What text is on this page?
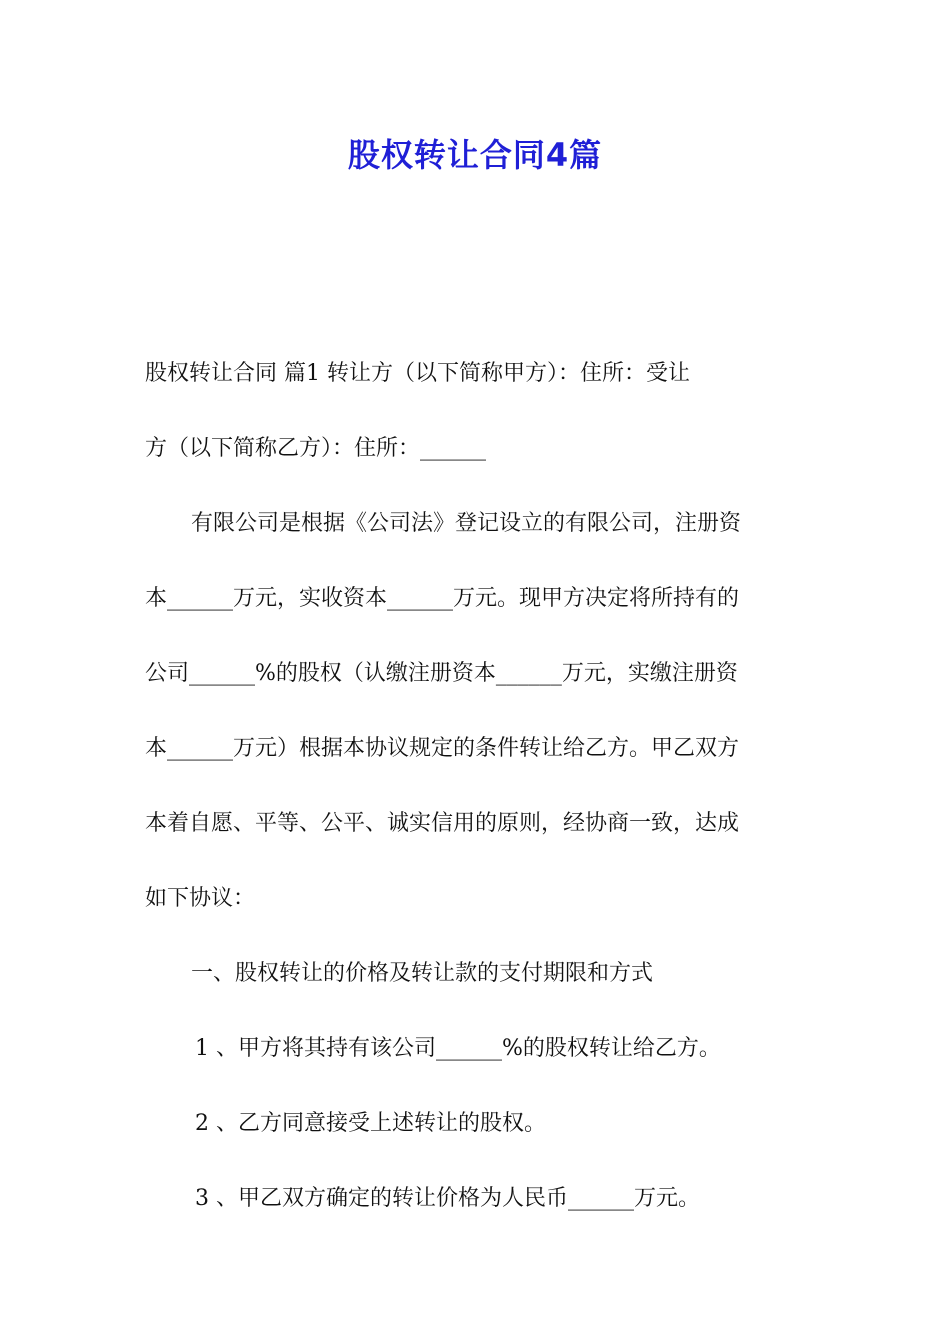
股权转让合同4篇
股权转让合同 篇1 转让方（以下简称甲方）：住所：受让
方（以下简称乙方）：住所：______
有限公司是根据《公司法》登记设立的有限公司，注册资
本______万元，实收资本______万元。现甲方决定将所持有的
公司______%的股权（认缴注册资本______万元，实缴注册资
本______万元）根据本协议规定的条件转让给乙方。甲乙双方
本着自愿、平等、公平、诚实信用的原则，经协商一致，达成
如下协议：
一、股权转让的价格及转让款的支付期限和方式
1 、甲方将其持有该公司______%的股权转让给乙方。
2 、乙方同意接受上述转让的股权。
3 、甲乙双方确定的转让价格为人民币______万元。
